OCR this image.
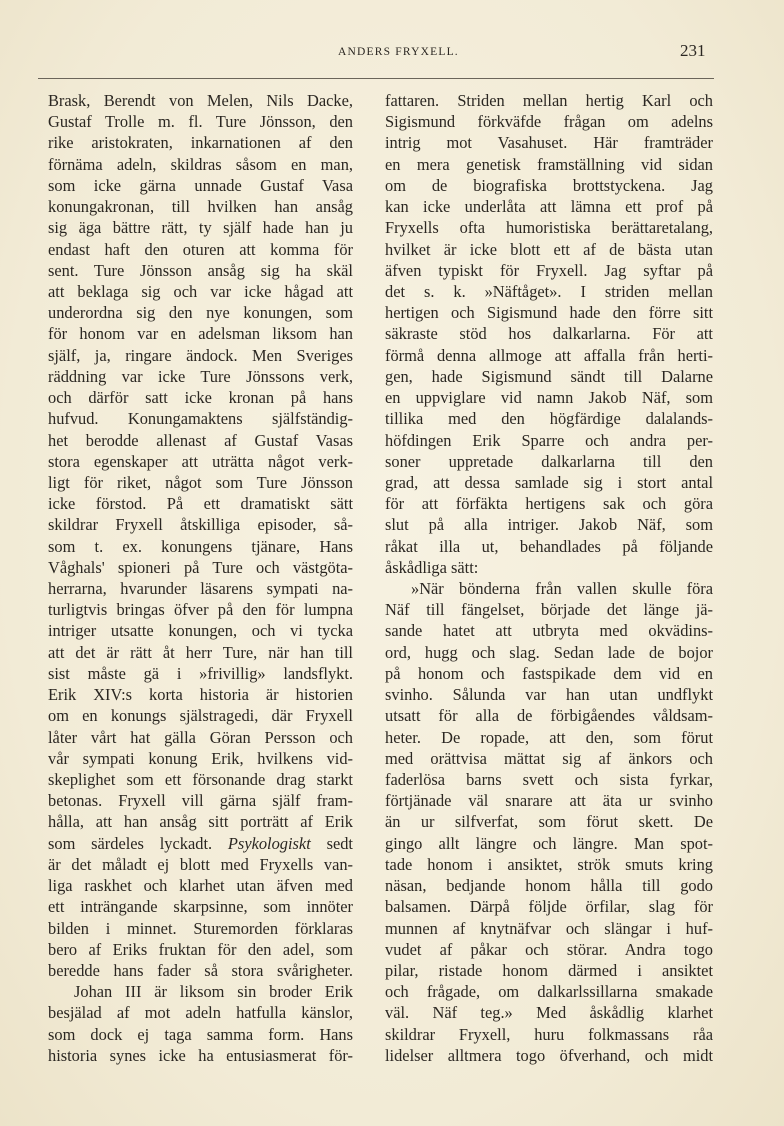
ANDERS FRYXELL.	231
Brask, Berendt von Melen, Nils Dacke,
Gustaf Trolle m. fl. Ture Jönsson, den
rike aristokraten, inkarnationen af den
förnäma adeln, skildras såsom en man,
som icke gärna unnade Gustaf Vasa
konungakronan, till hvilken han ansåg
sig äga bättre rätt, ty själf hade han ju
endast haft den oturen att komma för
sent. Ture Jönsson ansåg sig ha skäl
att beklaga sig och var icke hågad att
underordna sig den nye konungen, som
för honom var en adelsman liksom han
själf, ja, ringare ändock. Men Sveriges
räddning var icke Ture Jönssons verk,
och därför satt icke kronan på hans
hufvud. Konungamaktens själfständig-
het berodde allenast af Gustaf Vasas
stora egenskaper att uträtta något verk-
ligt för riket, något som Ture Jönsson
icke förstod. På ett dramatiskt sätt
skildrar Fryxell åtskilliga episoder, så-
som t. ex. konungens tjänare, Hans
Våghals' spioneri på Ture och västgöta-
herrarna, hvarunder läsarens sympati na-
turligtvis bringas öfver på den för lumpna
intriger utsatte konungen, och vi tycka
att det är rätt åt herr Ture, när han till
sist måste gä i »frivillig» landsflykt.
Erik XIV:s korta historia är historien
om en konungs själstragedi, där Fryxell
låter vårt hat gälla Göran Persson och
vår sympati konung Erik, hvilkens vid-
skeplighet som ett försonande drag starkt
betonas. Fryxell vill gärna själf fram-
hålla, att han ansåg sitt porträtt af Erik
som särdeles lyckadt. Psykologiskt sedt
är det måladt ej blott med Fryxells van-
liga raskhet och klarhet utan äfven med
ett inträngande skarpsinne, som innöter
bilden i minnet. Sturemorden förklaras
bero af Eriks fruktan för den adel, som
beredde hans fader så stora svårigheter.
Johan III är liksom sin broder Erik
besjälad af mot adeln hatfulla känslor,
som dock ej taga samma form. Hans
historia synes icke ha entusiasmerat för-
fattaren. Striden mellan hertig Karl och
Sigismund förkväfde frågan om adelns
intrig mot Vasahuset. Här framträder
en mera genetisk framställning vid sidan
om de biografiska brottstyckena. Jag
kan icke underlåta att lämna ett prof på
Fryxells ofta humoristiska berättaretalang,
hvilket är icke blott ett af de bästa utan
äfven typiskt för Fryxell. Jag syftar på
det s. k. »Näftåget». I striden mellan
hertigen och Sigismund hade den förre sitt
säkraste stöd hos dalkarlarna. För att
förmå denna allmoge att affalla från herti-
gen, hade Sigismund sändt till Dalarne
en uppviglare vid namn Jakob Näf, som
tillika med den högfärdige dalalands-
höfdingen Erik Sparre och andra per-
soner uppretade dalkarlarna till den
grad, att dessa samlade sig i stort antal
för att förfäkta hertigens sak och göra
slut på alla intriger. Jakob Näf, som
råkat illa ut, behandlades på följande
åskådliga sätt:
»När bönderna från vallen skulle föra
Näf till fängelset, började det länge jä-
sande hatet att utbryta med okvädins-
ord, hugg och slag. Sedan lade de bojor
på honom och fastspikade dem vid en
svinho. Sålunda var han utan undflykt
utsatt för alla de förbigåendes våldsam-
heter. De ropade, att den, som förut
med orättvisa mättat sig af änkors och
faderlösa barns svett och sista fyrkar,
förtjänade väl snarare att äta ur svinho
än ur silfverfat, som förut skett. De
gingo allt längre och längre. Man spot-
tade honom i ansiktet, strök smuts kring
näsan, bedjande honom hålla till godo
balsamen. Därpå följde örfilar, slag för
munnen af knytnäfvar och slängar i huf-
vudet af påkar och störar. Andra togo
pilar, ristade honom därmed i ansiktet
och frågade, om dalkarlssillarna smakade
väl. Näf teg.» Med åskådlig klarhet
skildrar Fryxell, huru folkmassans råa
lidelser alltmera togo öfverhand, och midt
